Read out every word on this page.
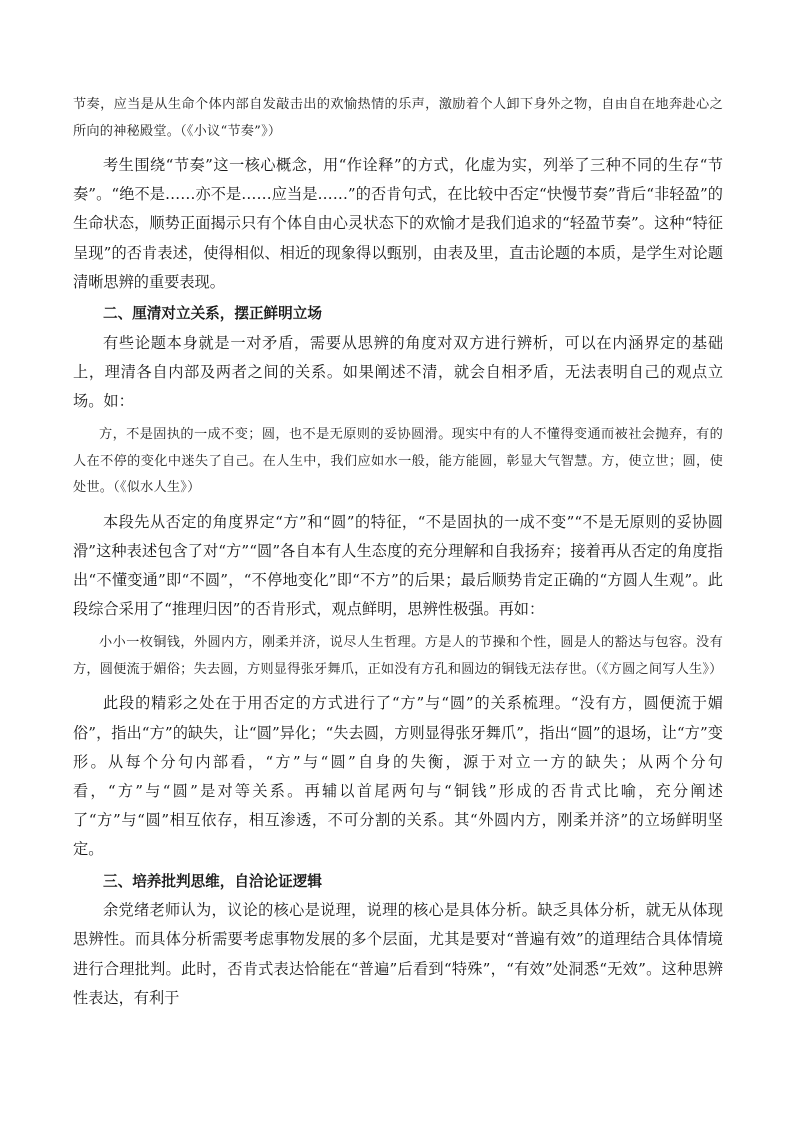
节奏，应当是从生命个体内部自发敲击出的欢愉热情的乐声，激励着个人卸下身外之物，自由自在地奔赴心之所向的神秘殿堂。（《小议“节奏”》）

考生围绕“节奏”这一核心概念，用“作诠释”的方式，化虚为实，列举了三种不同的生存“节奏”。“绝不是……亦不是……应当是……”的否肯句式，在比较中否定“快慢节奏”背后“非轻盈”的生命状态，顺势正面揭示只有个体自由心灵状态下的欢愉才是我们追求的“轻盈节奏”。这种“特征呈现”的否肯表述，使得相似、相近的现象得以甄别，由表及里，直击论题的本质，是学生对论题清晰思辨的重要表现。

二、厘清对立关系，摆正鲜明立场

有些论题本身就是一对矛盾，需要从思辨的角度对双方进行辨析，可以在内涵界定的基础上，理清各自内部及两者之间的关系。如果阐述不清，就会自相矛盾，无法表明自己的观点立场。如：

方，不是固执的一成不变；圆，也不是无原则的妥协圆滑。现实中有的人不懂得变通而被社会抛弃，有的人在不停的变化中迷失了自己。在人生中，我们应如水一般，能方能圆，彰显大气智慧。方，使立世；圆，使处世。（《似水人生》）

本段先从否定的角度界定“方”和“圆”的特征，“不是固执的一成不变”“不是无原则的妥协圆滑”这种表述包含了对“方”“圆”各自本有人生态度的充分理解和自我扬弃；接着再从否定的角度指出“不懂变通”即“不圆”，“不停地变化”即“不方”的后果；最后顺势肯定正确的“方圆人生观”。此段综合采用了“推理归因”的否肯形式，观点鲜明，思辨性极强。再如：

小小一枚铜钱，外圆内方，刚柔并济，说尽人生哲理。方是人的节操和个性，圆是人的豁达与包容。没有方，圆便流于媚俗；失去圆，方则显得张牙舞爪，正如没有方孔和圆边的铜钱无法存世。（《方圆之间写人生》）

此段的精彩之处在于用否定的方式进行了“方”与“圆”的关系梳理。“没有方，圆便流于媚俗”，指出“方”的缺失，让“圆”异化；“失去圆，方则显得张牙舞爪”，指出“圆”的退场，让“方”变形。从每个分句内部看，“方”与“圆”自身的失衡，源于对立一方的缺失；从两个分句看，“方”与“圆”是对等关系。再辅以首尾两句与“铜钱”形成的否肯式比喻，充分阐述了“方”与“圆”相互依存，相互渗透，不可分割的关系。其“外圆内方，刚柔并济”的立场鲜明坚定。

三、培养批判思维，自洽论证逻辑

余党绪老师认为，议论的核心是说理，说理的核心是具体分析。缺乏具体分析，就无从体现思辨性。而具体分析需要考虑事物发展的多个层面，尤其是要对“普遍有效”的道理结合具体情境进行合理批判。此时，否肯式表达恰能在“普遍”后看到“特殊”，“有效”处洞悉“无效”。这种思辨性表达，有利于
